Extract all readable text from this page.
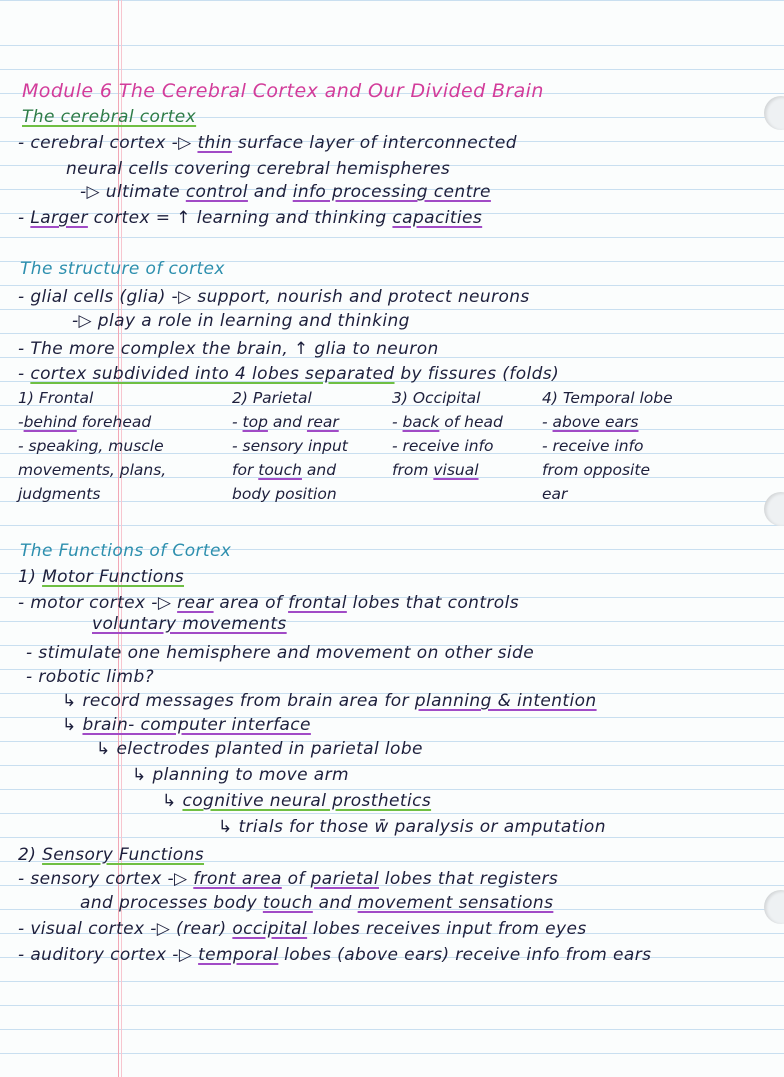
Module 6 The Cerebral Cortex and Our Divided Brain
The cerebral cortex
- cerebral cortex -▷ thin surface layer of interconnected
neural cells covering cerebral hemispheres
-▷ ultimate control and info processing centre
- Larger cortex = ↑ learning and thinking capacities
The structure of cortex
- glial cells (glia) -▷ support, nourish and protect neurons
-▷ play a role in learning and thinking
- The more complex the brain, ↑ glia to neuron
- cortex subdivided into 4 lobes separated by fissures (folds)
1) Frontal
-behind forehead
- speaking, muscle
movements, plans,
judgments
2) Parietal
- top and rear
- sensory input
for touch and
body position
3) Occipital
- back of head
- receive info
from visual
4) Temporal lobe
- above ears
- receive info
from opposite
ear
The Functions of Cortex
1) Motor Functions
- motor cortex -▷ rear area of frontal lobes that controls
voluntary movements
- stimulate one hemisphere and movement on other side
- robotic limb?
↳ record messages from brain area for planning & intention
↳ brain- computer interface
↳ electrodes planted in parietal lobe
↳ planning to move arm
↳ cognitive neural prosthetics
↳ trials for those w̄ paralysis or amputation
2) Sensory Functions
- sensory cortex -▷ front area of parietal lobes that registers
and processes body touch and movement sensations
- visual cortex -▷ (rear) occipital lobes receives input from eyes
- auditory cortex -▷ temporal lobes (above ears) receive info from ears
